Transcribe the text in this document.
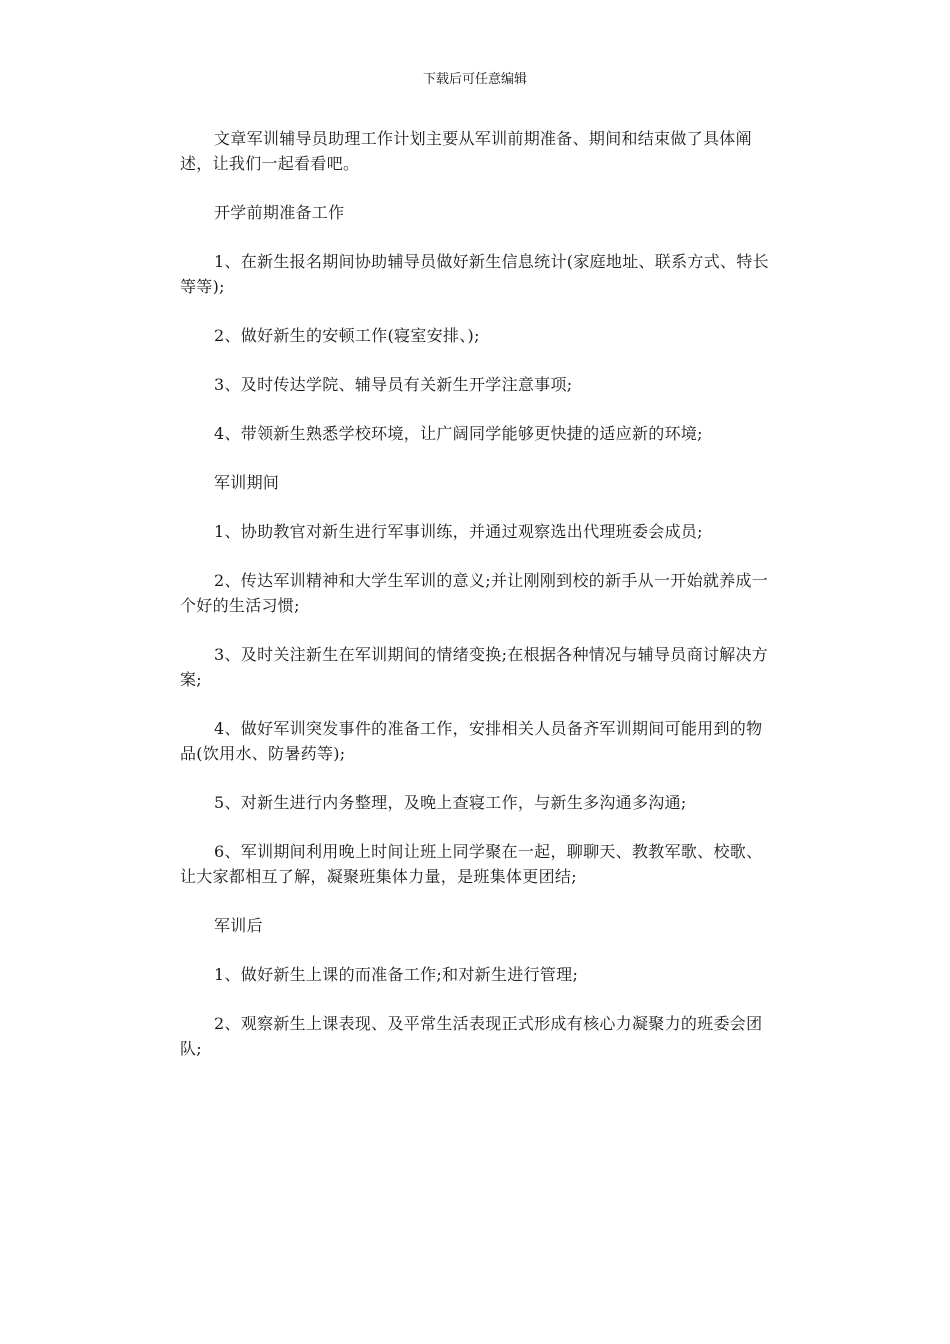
下载后可任意编辑

文章军训辅导员助理工作计划主要从军训前期准备、期间和结束做了具体阐述，让我们一起看看吧。

开学前期准备工作

1、在新生报名期间协助辅导员做好新生信息统计(家庭地址、联系方式、特长等等);

2、做好新生的安顿工作(寝室安排、);

3、及时传达学院、辅导员有关新生开学注意事项;

4、带领新生熟悉学校环境，让广阔同学能够更快捷的适应新的环境;

军训期间

1、协助教官对新生进行军事训练，并通过观察选出代理班委会成员;

2、传达军训精神和大学生军训的意义;并让刚刚到校的新手从一开始就养成一个好的生活习惯;

3、及时关注新生在军训期间的情绪变换;在根据各种情况与辅导员商讨解决方案;

4、做好军训突发事件的准备工作，安排相关人员备齐军训期间可能用到的物品(饮用水、防暑药等);

5、对新生进行内务整理，及晚上查寝工作，与新生多沟通多沟通;

6、军训期间利用晚上时间让班上同学聚在一起，聊聊天、教教军歌、校歌、让大家都相互了解，凝聚班集体力量，是班集体更团结;

军训后

1、做好新生上课的而准备工作;和对新生进行管理;

2、观察新生上课表现、及平常生活表现正式形成有核心力凝聚力的班委会团队;
